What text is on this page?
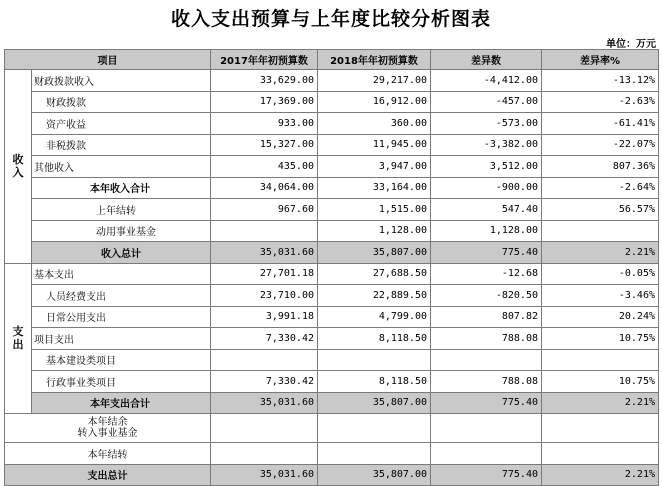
收入支出预算与上年度比较分析图表
单位：万元
项目		2017年年初预算数	2018年年初预算数	差异数	差异率%
收
入	财政拨款收入	33,629.00	29,217.00	-4,412.00	-13.12%
	财政拨款	17,369.00	16,912.00	-457.00	-2.63%
	资产收益	933.00	360.00	-573.00	-61.41%
	非税拨款	15,327.00	11,945.00	-3,382.00	-22.07%
	其他收入	435.00	3,947.00	3,512.00	807.36%
	本年收入合计	34,064.00	33,164.00	-900.00	-2.64%
	上年结转	967.60	1,515.00	547.40	56.57%
	动用事业基金		1,128.00	1,128.00	
	收入总计	35,031.60	35,807.00	775.40	2.21%
支
出	基本支出	27,701.18	27,688.50	-12.68	-0.05%
	人员经费支出	23,710.00	22,889.50	-820.50	-3.46%
	日常公用支出	3,991.18	4,799.00	807.82	20.24%
	项目支出	7,330.42	8,118.50	788.08	10.75%
	基本建设类项目				
	行政事业类项目	7,330.42	8,118.50	788.08	10.75%
	本年支出合计	35,031.60	35,807.00	775.40	2.21%
本年结余
转入事业基金					
本年结转					
支出总计		35,031.60	35,807.00	775.40	2.21%
